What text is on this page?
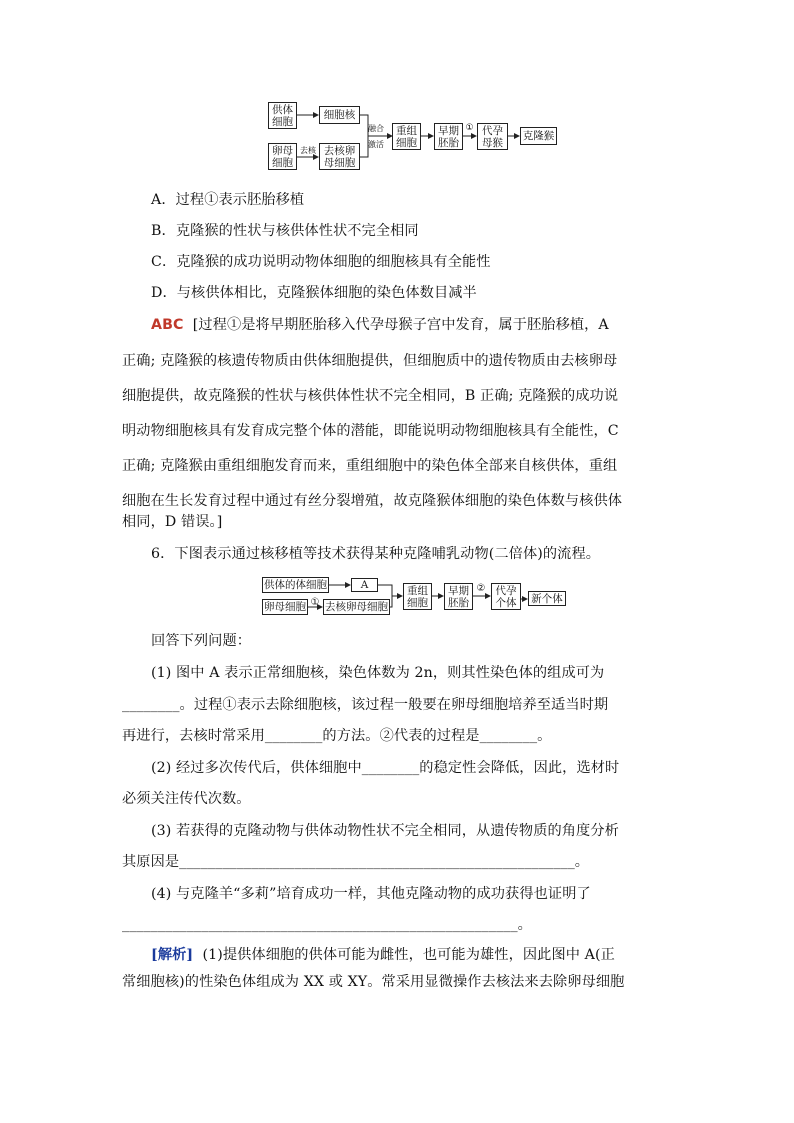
供体细胞
细胞核
卵母细胞
去核 去核卵母细胞
融合
激活
重组细胞
早期胚胎
① 代孕母猴
克隆猴
A．过程①表示胚胎移植
B．克隆猴的性状与核供体性状不完全相同
C．克隆猴的成功说明动物体细胞的细胞核具有全能性
D．与核供体相比，克隆猴体细胞的染色体数目减半
ABC [过程①是将早期胚胎移入代孕母猴子宫中发育，属于胚胎移植，A
正确; 克隆猴的核遗传物质由供体细胞提供，但细胞质中的遗传物质由去核卵母
细胞提供，故克隆猴的性状与核供体性状不完全相同，B 正确; 克隆猴的成功说
明动物细胞核具有发育成完整个体的潜能，即能说明动物细胞核具有全能性，C
正确; 克隆猴由重组细胞发育而来，重组细胞中的染色体全部来自核供体，重组
细胞在生长发育过程中通过有丝分裂增殖，故克隆猴体细胞的染色体数与核供体
相同，D 错误。]
6．下图表示通过核移植等技术获得某种克隆哺乳动物(二倍体)的流程。
供体的体细胞	A
卵母细胞 ① 去核卵母细胞
重组细胞
早期胚胎
② 代孕个体 新个体
回答下列问题：
(1) 图中 A 表示正常细胞核，染色体数为 2n，则其性染色体的组成可为
________。过程①表示去除细胞核，该过程一般要在卵母细胞培养至适当时期
再进行，去核时常采用________的方法。②代表的过程是________。
(2) 经过多次传代后，供体细胞中________的稳定性会降低，因此，选材时
必须关注传代次数。
(3) 若获得的克隆动物与供体动物性状不完全相同，从遗传物质的角度分析
其原因是_______________________________________________________。
(4) 与克隆羊“多莉”培育成功一样，其他克隆动物的成功获得也证明了
_______________________________________________________。
[解析] (1)提供体细胞的供体可能为雌性，也可能为雄性，因此图中 A(正
常细胞核)的性染色体组成为 XX 或 XY。常采用显微操作去核法来去除卵母细胞
